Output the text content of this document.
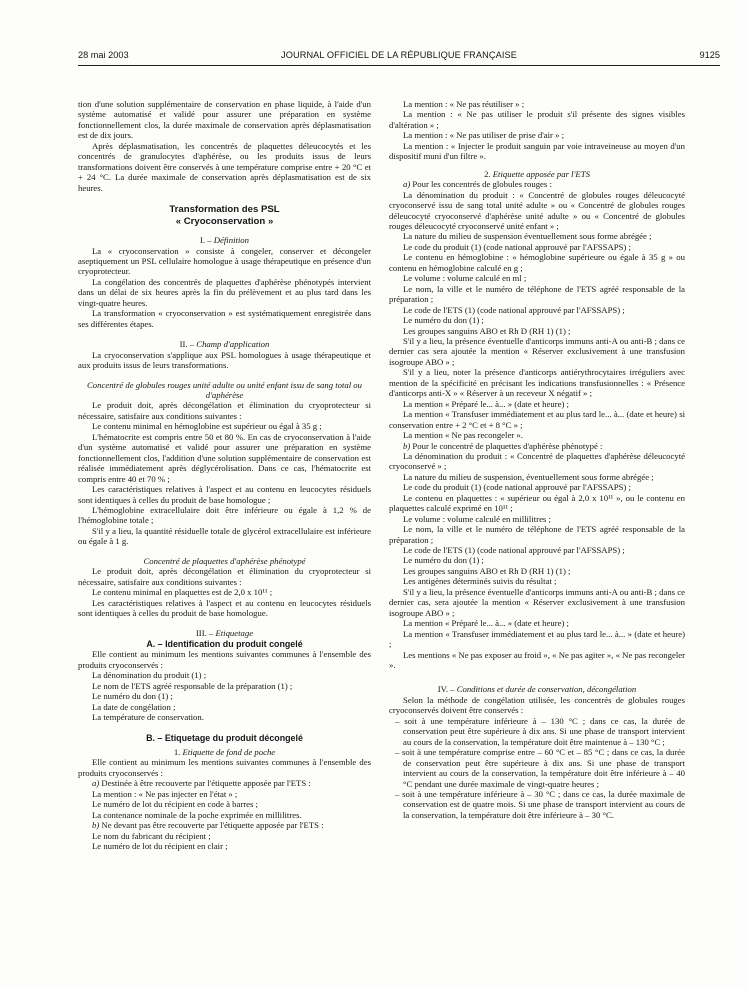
28 mai 2003	JOURNAL OFFICIEL DE LA RÉPUBLIQUE FRANÇAISE	9125

tion d'une solution supplémentaire de conservation en phase liquide, à l'aide d'un système automatisé et validé pour assurer une préparation en système fonctionnellement clos, la durée maximale de conservation après déplasmatisation est de dix jours.

Après déplasmatisation, les concentrés de plaquettes déleucocytés et les concentrés de granulocytes d'aphérèse, ou les produits issus de leurs transformations doivent être conservés à une température comprise entre + 20 °C et + 24 °C. La durée maximale de conservation après déplasmatisation est de six heures.

Transformation des PSL
« Cryoconservation »

I. – Définition

La « cryoconservation » consiste à congeler, conserver et décongeler aseptiquement un PSL cellulaire homologue à usage thérapeutique en présence d'un cryoprotecteur.

La congélation des concentrés de plaquettes d'aphérèse phénotypés intervient dans un délai de six heures après la fin du prélèvement et au plus tard dans les vingt-quatre heures.

La transformation « cryoconservation » est systématiquement enregistrée dans ses différentes étapes.

II. – Champ d'application

La cryoconservation s'applique aux PSL homologues à usage thérapeutique et aux produits issus de leurs transformations.

Concentré de globules rouges unité adulte ou unité enfant issu de sang total ou d'aphérèse

Le produit doit, après décongélation et élimination du cryoprotecteur si nécessaire, satisfaire aux conditions suivantes :

Le contenu minimal en hémoglobine est supérieur ou égal à 35 g ;

L'hématocrite est compris entre 50 et 80 %. En cas de cryoconservation à l'aide d'un système automatisé et validé pour assurer une préparation en système fonctionnellement clos, l'addition d'une solution supplémentaire de conservation est réalisée immédiatement après déglycérolisation. Dans ce cas, l'hématocrite est compris entre 40 et 70 % ;

Les caractéristiques relatives à l'aspect et au contenu en leucocytes résiduels sont identiques à celles du produit de base homologue ;

L'hémoglobine extracellulaire doit être inférieure ou égale à 1,2 % de l'hémoglobine totale ;

S'il y a lieu, la quantité résiduelle totale de glycérol extracellulaire est inférieure ou égale à 1 g.

Concentré de plaquettes d'aphérèse phénotypé

Le produit doit, après décongélation et élimination du cryoprotecteur si nécessaire, satisfaire aux conditions suivantes :

Le contenu minimal en plaquettes est de 2,0 x 10¹¹ ;

Les caractéristiques relatives à l'aspect et au contenu en leucocytes résiduels sont identiques à celles du produit de base homologue.

III. – Etiquetage

A. – Identification du produit congelé

Elle contient au minimum les mentions suivantes communes à l'ensemble des produits cryoconservés :

La dénomination du produit (1) ;

Le nom de l'ETS agréé responsable de la préparation (1) ;

Le numéro du don (1) ;

La date de congélation ;

La température de conservation.

B. – Etiquetage du produit décongelé

1. Etiquette de fond de poche

Elle contient au minimum les mentions suivantes communes à l'ensemble des produits cryoconservés :

a) Destinée à être recouverte par l'étiquette apposée par l'ETS :

La mention : « Ne pas injecter en l'état » ;

Le numéro de lot du récipient en code à barres ;

La contenance nominale de la poche exprimée en millilitres.

b) Ne devant pas être recouverte par l'étiquette apposée par l'ETS :

Le nom du fabricant du récipient ;

Le numéro de lot du récipient en clair ;

La mention : « Ne pas réutiliser » ;

La mention : « Ne pas utiliser le produit s'il présente des signes visibles d'altération » ;

La mention : « Ne pas utiliser de prise d'air » ;

La mention : « Injecter le produit sanguin par voie intraveineuse au moyen d'un dispositif muni d'un filtre ».

2. Etiquette apposée par l'ETS

a) Pour les concentrés de globules rouges :

La dénomination du produit : « Concentré de globules rouges déleucocyté cryoconservé issu de sang total unité adulte » ou « Concentré de globules rouges déleucocyté cryoconservé d'aphérèse unité adulte » ou « Concentré de globules rouges déleucocyté cryoconservé unité enfant » ;

La nature du milieu de suspension éventuellement sous forme abrégée ;

Le code du produit (1) (code national approuvé par l'AFSSAPS) ;

Le contenu en hémoglobine : « hémoglobine supérieure ou égale à 35 g » ou contenu en hémoglobine calculé en g ;

Le volume : volume calculé en ml ;

Le nom, la ville et le numéro de téléphone de l'ETS agréé responsable de la préparation ;

Le code de l'ETS (1) (code national approuvé par l'AFSSAPS) ;

Le numéro du don (1) ;

Les groupes sanguins ABO et Rh D (RH 1) (1) ;

S'il y a lieu, la présence éventuelle d'anticorps immuns anti-A ou anti-B ; dans ce dernier cas sera ajoutée la mention « Réserver exclusivement à une transfusion isogroupe ABO » ;

S'il y a lieu, noter la présence d'anticorps antiérythrocytaires irréguliers avec mention de la spécificité en précisant les indications transfusionnelles : « Présence d'anticorps anti-X » « Réserver à un receveur X négatif » ;

La mention « Préparé le... à... » (date et heure) ;

La mention « Transfuser immédiatement et au plus tard le... à... (date et heure) si conservation entre + 2 °C et + 8 °C » ;

La mention « Ne pas recongeler ».

b) Pour le concentré de plaquettes d'aphérèse phénotypé :

La dénomination du produit : « Concentré de plaquettes d'aphérèse déleucocyté cryoconservé » ;

La nature du milieu de suspension, éventuellement sous forme abrégée ;

Le code du produit (1) (code national approuvé par l'AFSSAPS) ;

Le contenu en plaquettes : « supérieur ou égal à 2,0 x 10¹¹ », ou le contenu en plaquettes calculé exprimé en 10¹¹ ;

Le volume : volume calculé en millilitres ;

Le nom, la ville et le numéro de téléphone de l'ETS agréé responsable de la préparation ;

Le code de l'ETS (1) (code national approuvé par l'AFSSAPS) ;

Le numéro du don (1) ;

Les groupes sanguins ABO et Rh D (RH 1) (1) ;

Les antigènes déterminés suivis du résultat ;

S'il y a lieu, la présence éventuelle d'anticorps immuns anti-A ou anti-B ; dans ce dernier cas, sera ajoutée la mention « Réserver exclusivement à une transfusion isogroupe ABO » ;

La mention « Préparé le... à... » (date et heure) ;

La mention « Transfuser immédiatement et au plus tard le... à... » (date et heure) ;

Les mentions « Ne pas exposer au froid », « Ne pas agiter », « Ne pas recongeler ».

IV. – Conditions et durée de conservation, décongélation

Selon la méthode de congélation utilisée, les concentrés de globules rouges cryoconservés doivent être conservés :

– soit à une température inférieure à – 130 °C ; dans ce cas, la durée de conservation peut être supérieure à dix ans. Si une phase de transport intervient au cours de la conservation, la température doit être maintenue à – 130 °C ;

– soit à une température comprise entre – 60 °C et – 85 °C ; dans ce cas, la durée de conservation peut être supérieure à dix ans. Si une phase de transport intervient au cours de la conservation, la température doit être inférieure à – 40 °C pendant une durée maximale de vingt-quatre heures ;

– soit à une température inférieure à – 30 °C ; dans ce cas, la durée maximale de conservation est de quatre mois. Si une phase de transport intervient au cours de la conservation, la température doit être inférieure à – 30 °C.
